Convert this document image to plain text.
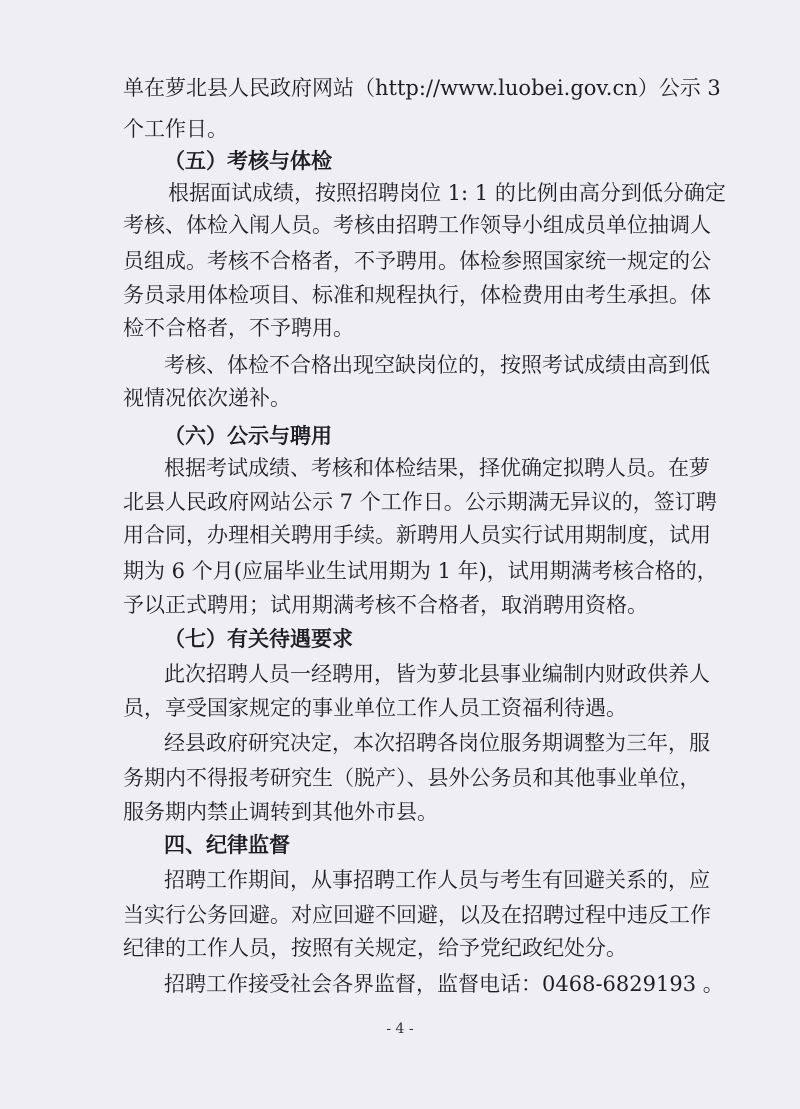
单在萝北县人民政府网站（http://www.luobei.gov.cn）公示 3
个工作日。
（五）考核与体检
根据面试成绩，按照招聘岗位 1: 1 的比例由高分到低分确定
考核、体检入闱人员。考核由招聘工作领导小组成员单位抽调人
员组成。考核不合格者，不予聘用。体检参照国家统一规定的公
务员录用体检项目、标准和规程执行，体检费用由考生承担。体
检不合格者，不予聘用。
考核、体检不合格出现空缺岗位的，按照考试成绩由高到低
视情况依次递补。
（六）公示与聘用
根据考试成绩、考核和体检结果，择优确定拟聘人员。在萝
北县人民政府网站公示 7 个工作日。公示期满无异议的，签订聘
用合同，办理相关聘用手续。新聘用人员实行试用期制度，试用
期为 6 个月(应届毕业生试用期为 1 年)，试用期满考核合格的，
予以正式聘用；试用期满考核不合格者，取消聘用资格。
（七）有关待遇要求
此次招聘人员一经聘用，皆为萝北县事业编制内财政供养人
员，享受国家规定的事业单位工作人员工资福利待遇。
经县政府研究决定，本次招聘各岗位服务期调整为三年，服
务期内不得报考研究生（脱产）、县外公务员和其他事业单位，
服务期内禁止调转到其他外市县。
四、纪律监督
招聘工作期间，从事招聘工作人员与考生有回避关系的，应
当实行公务回避。对应回避不回避，以及在招聘过程中违反工作
纪律的工作人员，按照有关规定，给予党纪政纪处分。
招聘工作接受社会各界监督，监督电话：0468-6829193 。
- 4 -
